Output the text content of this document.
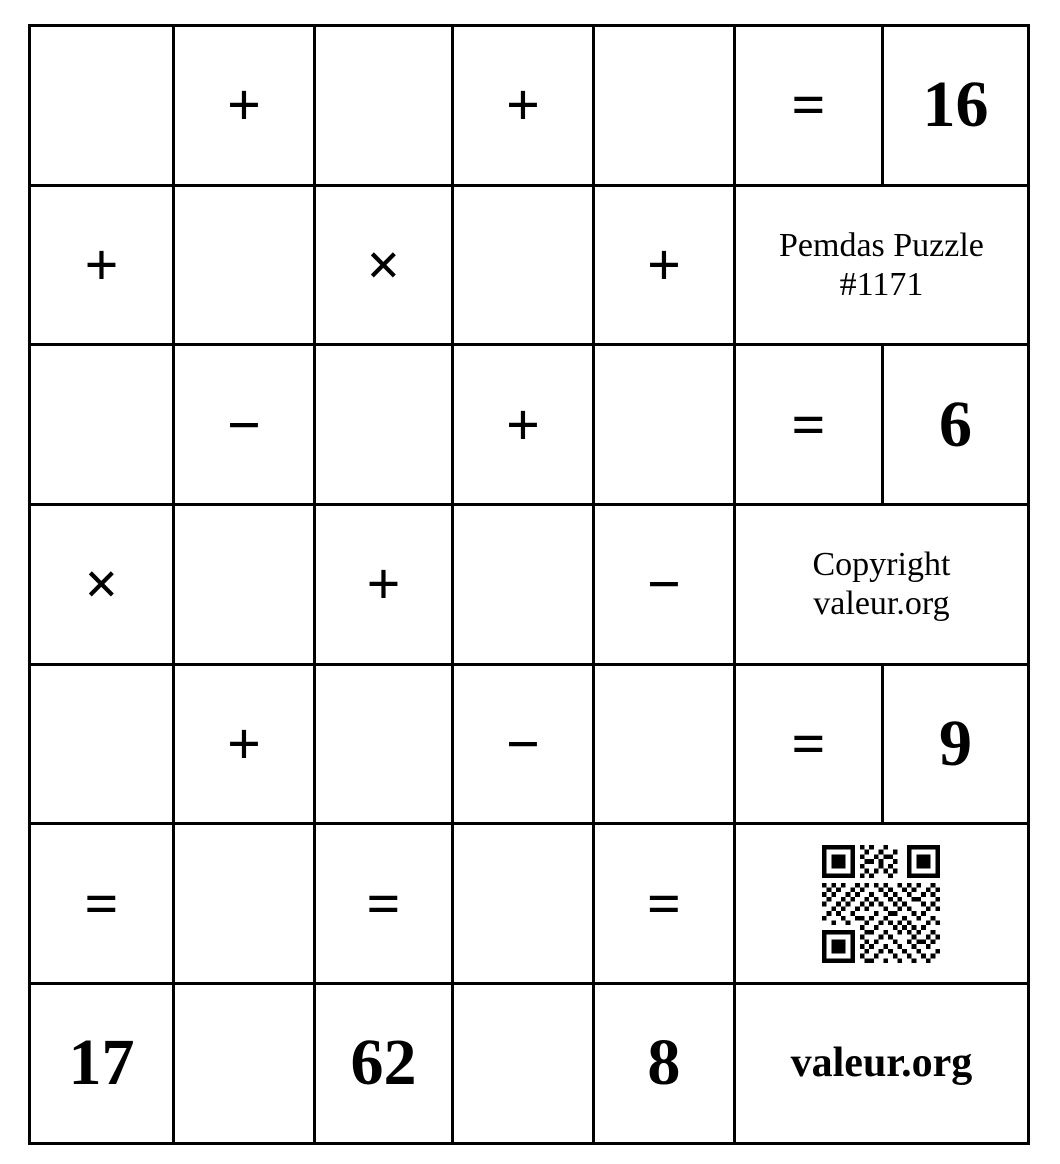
	+		+		=	16
+		×		+	Pemdas Puzzle
#1171	

	−		+		=	6
×		+		−	Copyright
valeur.org	

	+		−		=	9
=		=		=	

17		62		8	valeur.org	
